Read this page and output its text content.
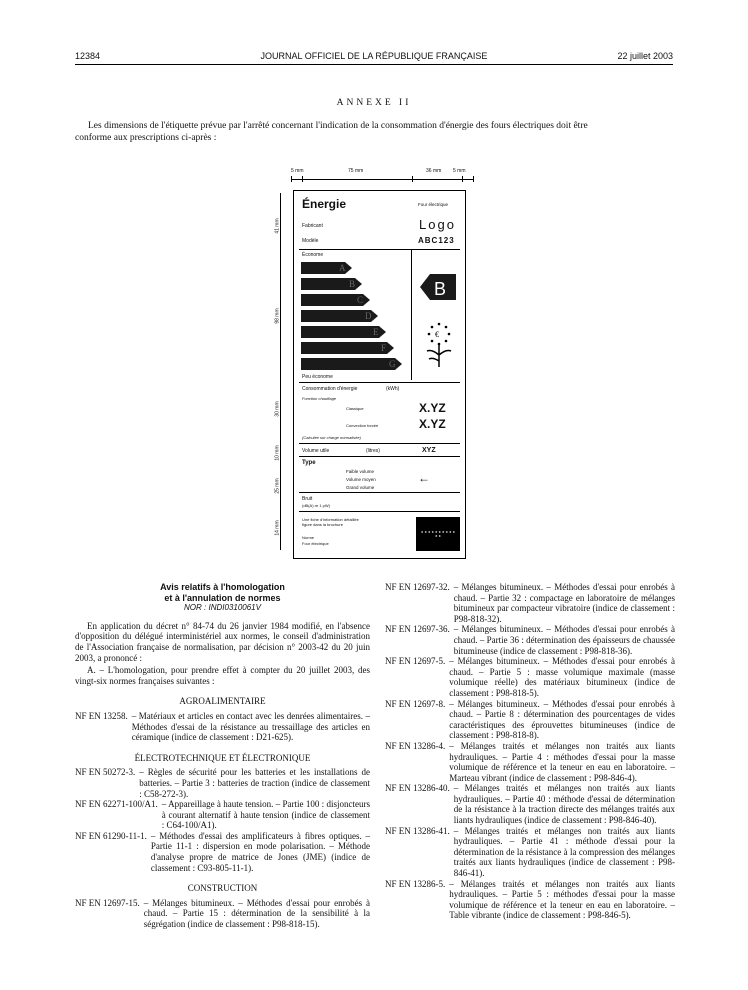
12384	JOURNAL OFFICIEL DE LA RÉPUBLIQUE FRANÇAISE	22 juillet 2003
ANNEXE II
Les dimensions de l'étiquette prévue par l'arrêté concernant l'indication de la consommation d'énergie des fours électriques doit être
conforme aux prescriptions ci-après :
5 mm	75 mm	36 mm 5 mm
41 mm
98 mm
30 mm
10 mm
25 mm
14 mm
Énergie	Four électrique
Fabricant
Modèle
Logo
ABC123
Économe
A
B
C
D
E
F
G
B
€
Peu économe
Consommation d'énergie	(kWh)
Fonction chauffage
Classique
Convection forcée
X.YZ
X.YZ
(Calculée sur charge normalisée)
Volume utile	(litres)	XYZ
Type
Faible volume
Volume moyen
Grand volume
←
Bruit
(dB(A) re 1 pW)
Une fiche d'information détaillée figure dans la brochure
Norme
Four électrique
★ ★ ★ ★ ★ ★ ★ ★ ★ ★ ★ ★

Avis relatifs à l'homologation

et à l'annulation de normes

NOR : INDI0310061V

En application du décret n° 84-74 du 26 janvier 1984 modifié, en l'absence d'opposition du délégué interministériel aux normes, le conseil d'administration de l'Association française de normalisation, par décision n° 2003-42 du 20 juin 2003, a prononcé :

A. – L'homologation, pour prendre effet à compter du 20 juillet 2003, des vingt-six normes françaises suivantes :

AGROALIMENTAIRE

NF EN 13258. – Matériaux et articles en contact avec les denrées alimentaires. – Méthodes d'essai de la résistance au tressaillage des articles en céramique (indice de classement : D21-625).

ÉLECTROTECHNIQUE ET ÉLECTRONIQUE

NF EN 50272-3. – Règles de sécurité pour les batteries et les installations de batteries. – Partie 3 : batteries de traction (indice de classement : C58-272-3).
NF EN 62271-100/A1. – Appareillage à haute tension. – Partie 100 : disjoncteurs à courant alternatif à haute tension (indice de classement : C64-100/A1).
NF EN 61290-11-1. – Méthodes d'essai des amplificateurs à fibres optiques. – Partie 11-1 : dispersion en mode polarisation. – Méthode d'analyse propre de matrice de Jones (JME) (indice de classement : C93-805-11-1).

CONSTRUCTION

NF EN 12697-15. – Mélanges bitumineux. – Méthodes d'essai pour enrobés à chaud. – Partie 15 : détermination de la sensibilité à la ségrégation (indice de classement : P98-818-15).
NF EN 12697-32. – Mélanges bitumineux. – Méthodes d'essai pour enrobés à chaud. – Partie 32 : compactage en laboratoire de mélanges bitumineux par compacteur vibratoire (indice de classement : P98-818-32).
NF EN 12697-36. – Mélanges bitumineux. – Méthodes d'essai pour enrobés à chaud. – Partie 36 : détermination des épaisseurs de chaussée bitumineuse (indice de classement : P98-818-36).
NF EN 12697-5. – Mélanges bitumineux. – Méthodes d'essai pour enrobés à chaud. – Partie 5 : masse volumique maximale (masse volumique réelle) des matériaux bitumineux (indice de classement : P98-818-5).
NF EN 12697-8. – Mélanges bitumineux. – Méthodes d'essai pour enrobés à chaud. – Partie 8 : détermination des pourcentages de vides caractéristiques des éprouvettes bitumineuses (indice de classement : P98-818-8).
NF EN 13286-4. – Mélanges traités et mélanges non traités aux liants hydrauliques. – Partie 4 : méthodes d'essai pour la masse volumique de référence et la teneur en eau en laboratoire. – Marteau vibrant (indice de classement : P98-846-4).
NF EN 13286-40. – Mélanges traités et mélanges non traités aux liants hydrauliques. – Partie 40 : méthode d'essai de détermination de la résistance à la traction directe des mélanges traités aux liants hydrauliques (indice de classement : P98-846-40).
NF EN 13286-41. – Mélanges traités et mélanges non traités aux liants hydrauliques. – Partie 41 : méthode d'essai pour la détermination de la résistance à la compression des mélanges traités aux liants hydrauliques (indice de classement : P98-846-41).
NF EN 13286-5. – Mélanges traités et mélanges non traités aux liants hydrauliques. – Partie 5 : méthodes d'essai pour la masse volumique de référence et la teneur en eau en laboratoire. – Table vibrante (indice de classement : P98-846-5).
